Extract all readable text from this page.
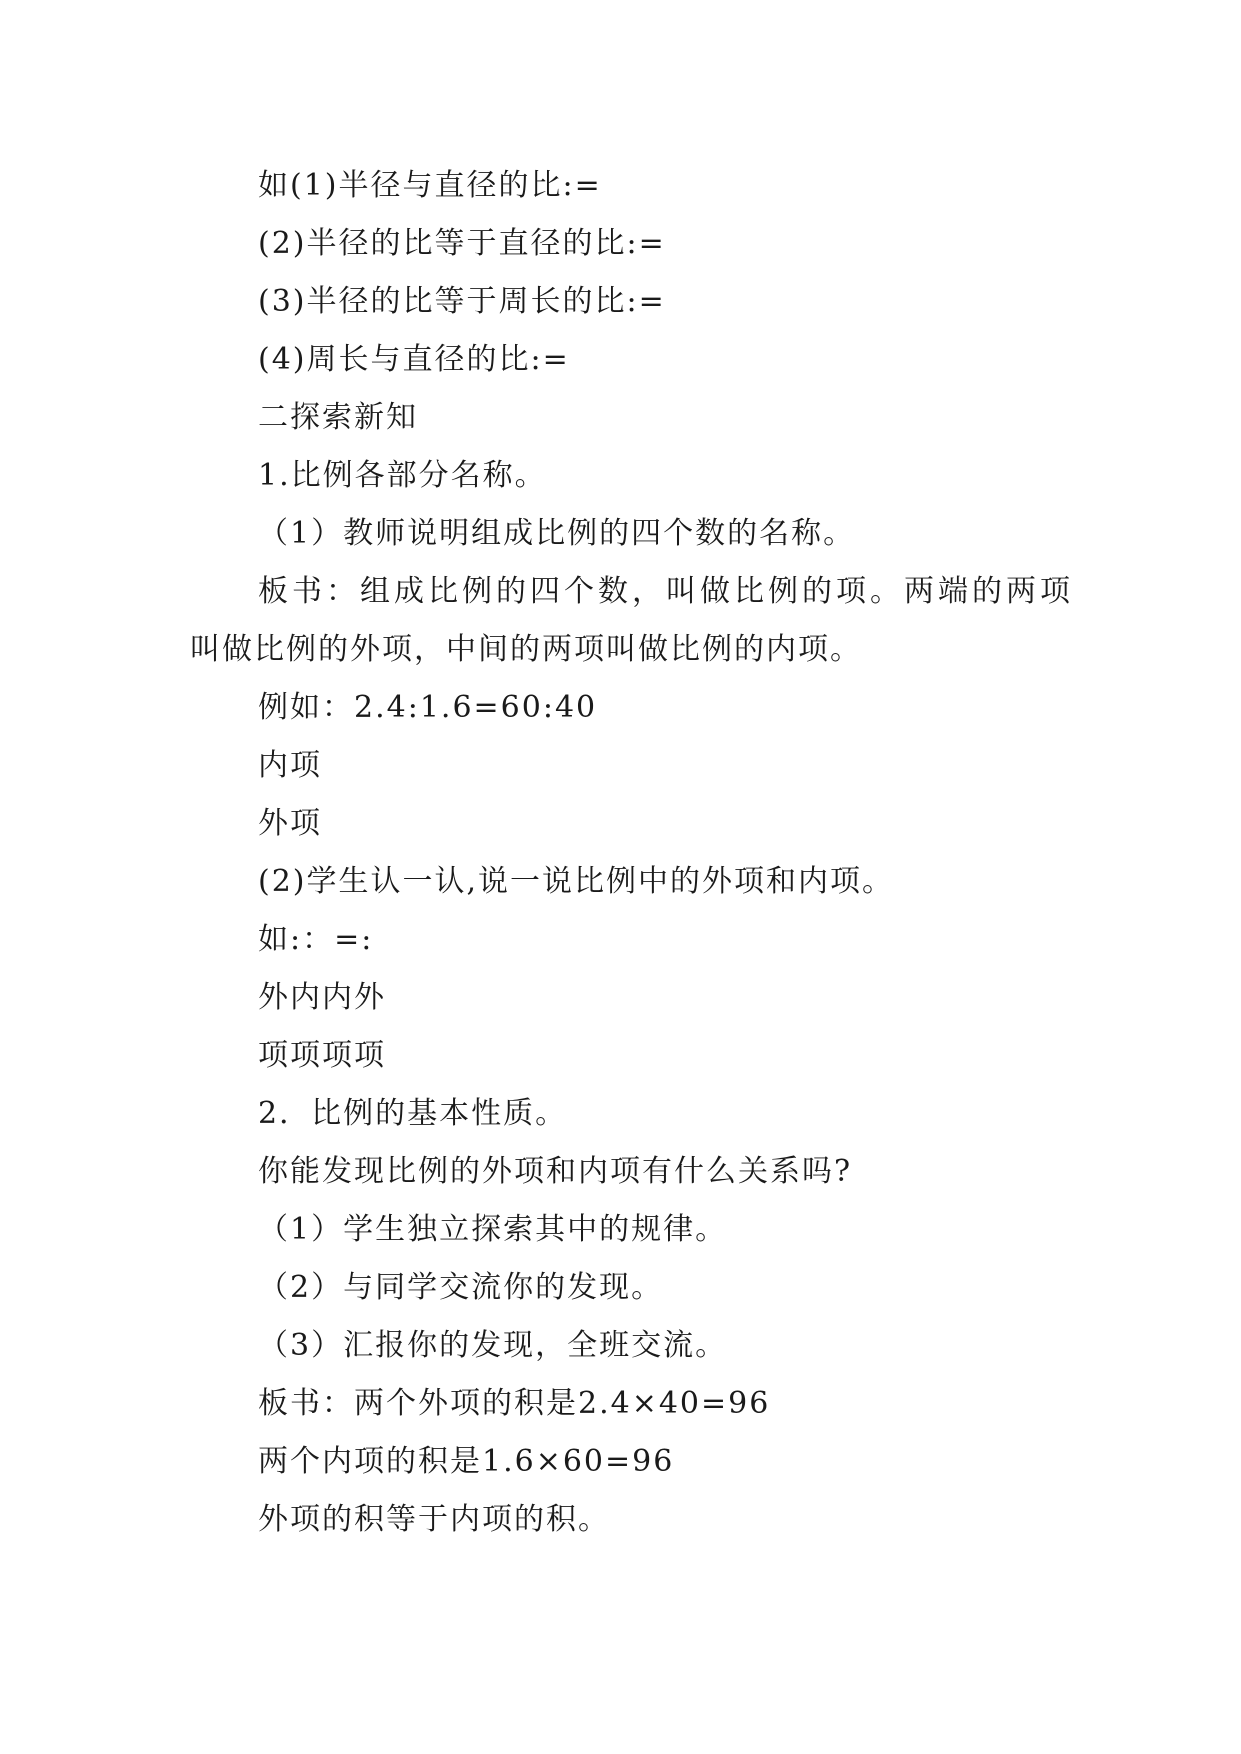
如(1)半径与直径的比:=
(2)半径的比等于直径的比:=
(3)半径的比等于周长的比:=
(4)周长与直径的比:=
二探索新知
1.比例各部分名称。
（1）教师说明组成比例的四个数的名称。
板书：组成比例的四个数，叫做比例的项。两端的两项
叫做比例的外项，中间的两项叫做比例的内项。
例如：2.4:1.6=60:40
内项
外项
(2)学生认一认,说一说比例中的外项和内项。
如:：=:
外内内外
项项项项
2．比例的基本性质。
你能发现比例的外项和内项有什么关系吗?
（1）学生独立探索其中的规律。
（2）与同学交流你的发现。
（3）汇报你的发现，全班交流。
板书：两个外项的积是2.4×40=96
两个内项的积是1.6×60=96
外项的积等于内项的积。
